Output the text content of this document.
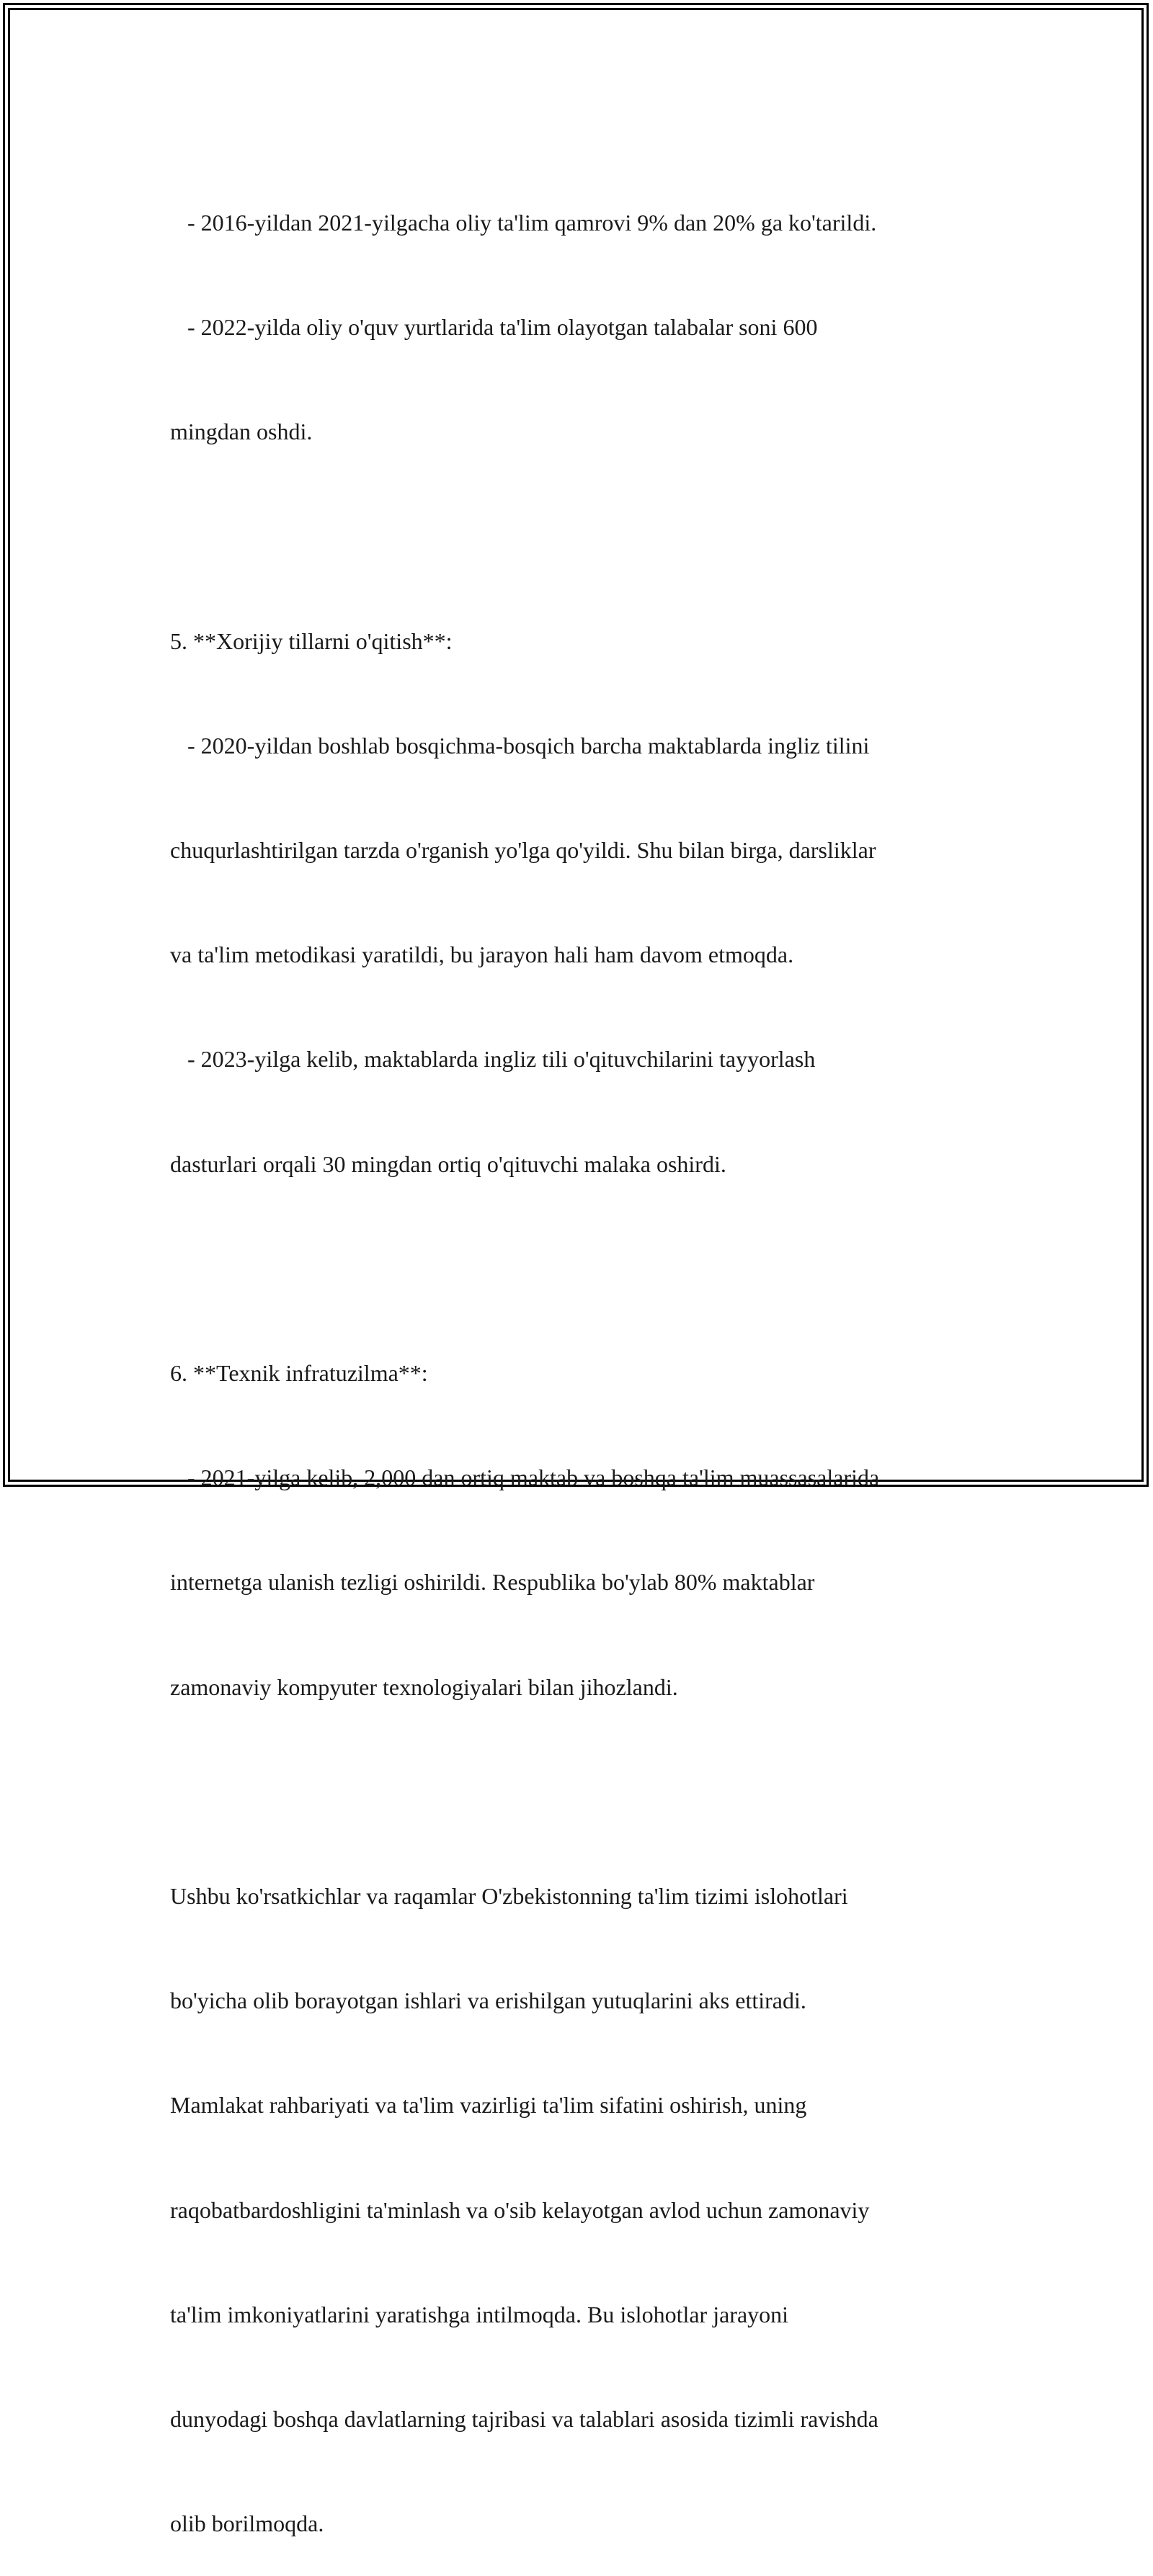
- 2016-yildan 2021-yilgacha oliy ta'lim qamrovi 9% dan 20% ga ko'tarildi.

- 2022-yilda oliy o'quv yurtlarida ta'lim olayotgan talabalar soni 600

mingdan oshdi.

5. **Xorijiy tillarni o'qitish**:

- 2020-yildan boshlab bosqichma-bosqich barcha maktablarda ingliz tilini

chuqurlashtirilgan tarzda o'rganish yo'lga qo'yildi. Shu bilan birga, darsliklar

va ta'lim metodikasi yaratildi, bu jarayon hali ham davom etmoqda.

- 2023-yilga kelib, maktablarda ingliz tili o'qituvchilarini tayyorlash

dasturlari orqali 30 mingdan ortiq o'qituvchi malaka oshirdi.

6. **Texnik infratuzilma**:

- 2021-yilga kelib, 2,000 dan ortiq maktab va boshqa ta'lim muassasalarida

internetga ulanish tezligi oshirildi. Respublika bo'ylab 80% maktablar

zamonaviy kompyuter texnologiyalari bilan jihozlandi.

Ushbu ko'rsatkichlar va raqamlar O'zbekistonning ta'lim tizimi islohotlari

bo'yicha olib borayotgan ishlari va erishilgan yutuqlarini aks ettiradi.

Mamlakat rahbariyati va ta'lim vazirligi ta'lim sifatini oshirish, uning

raqobatbardoshligini ta'minlash va o'sib kelayotgan avlod uchun zamonaviy

ta'lim imkoniyatlarini yaratishga intilmoqda. Bu islohotlar jarayoni

dunyodagi boshqa davlatlarning tajribasi va talablari asosida tizimli ravishda

olib borilmoqda.
